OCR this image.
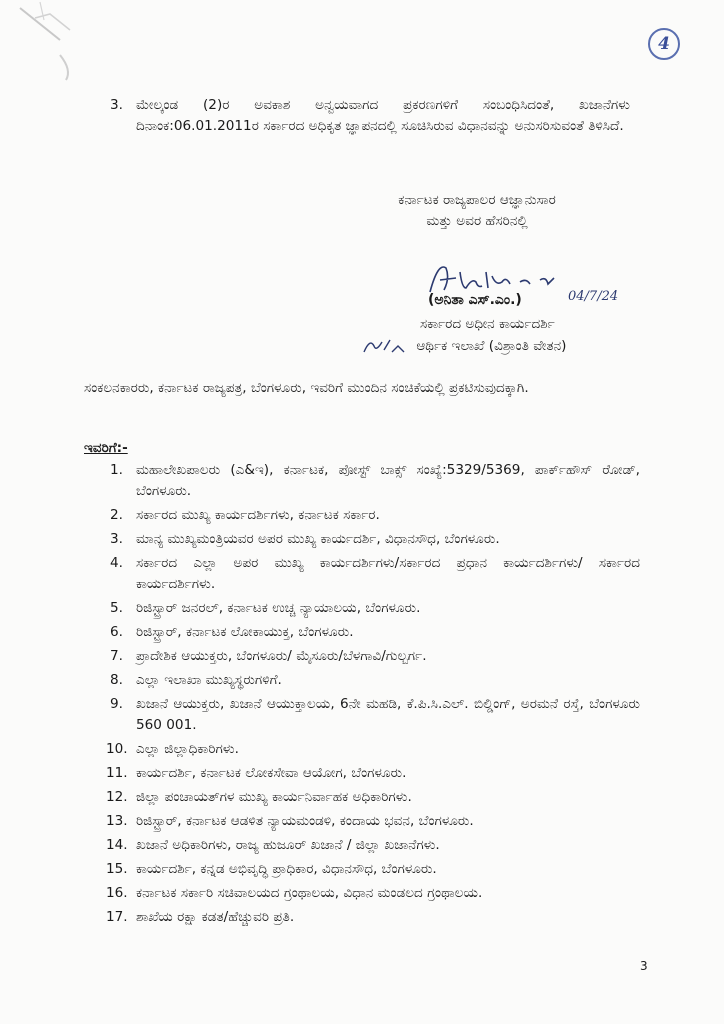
4
3. ಮೇಲ್ಕಂಡ (2)ರ ಅವಕಾಶ ಅನ್ವಯವಾಗದ ಪ್ರಕರಣಗಳಿಗೆ ಸಂಬಂಧಿಸಿದಂತೆ, ಖಜಾನೆಗಳು ದಿನಾಂಕ:06.01.2011ರ ಸರ್ಕಾರದ ಅಧಿಕೃತ ಜ್ಞಾಪನದಲ್ಲಿ ಸೂಚಿಸಿರುವ ವಿಧಾನವನ್ನು ಅನುಸರಿಸುವಂತೆ ತಿಳಿಸಿದೆ.
ಕರ್ನಾಟಕ ರಾಜ್ಯಪಾಲರ ಆಜ್ಞಾನುಸಾರ
ಮತ್ತು ಅವರ ಹೆಸರಿನಲ್ಲಿ
(ಅನಿತಾ ಎಸ್.ಎಂ.)	04/7/24
ಸರ್ಕಾರದ ಅಧೀನ ಕಾರ್ಯದರ್ಶಿ
ಆರ್ಥಿಕ ಇಲಾಖೆ (ವಿಶ್ರಾಂತಿ ವೇತನ)
ಸಂಕಲನಕಾರರು, ಕರ್ನಾಟಕ ರಾಜ್ಯಪತ್ರ, ಬೆಂಗಳೂರು, ಇವರಿಗೆ ಮುಂದಿನ ಸಂಚಿಕೆಯಲ್ಲಿ ಪ್ರಕಟಿಸುವುದಕ್ಕಾಗಿ.
ಇವರಿಗೆ:-
1. ಮಹಾಲೇಖಪಾಲರು (ಎ&ಇ), ಕರ್ನಾಟಕ, ಪೋಸ್ಟ್ ಬಾಕ್ಸ್ ಸಂಖ್ಯೆ:5329/5369, ಪಾರ್ಕ್‌ಹೌಸ್ ರೋಡ್, ಬೆಂಗಳೂರು.
2. ಸರ್ಕಾರದ ಮುಖ್ಯ ಕಾರ್ಯದರ್ಶಿಗಳು, ಕರ್ನಾಟಕ ಸರ್ಕಾರ.
3. ಮಾನ್ಯ ಮುಖ್ಯಮಂತ್ರಿಯವರ ಅಪರ ಮುಖ್ಯ ಕಾರ್ಯದರ್ಶಿ, ವಿಧಾನಸೌಧ, ಬೆಂಗಳೂರು.
4. ಸರ್ಕಾರದ ಎಲ್ಲಾ ಅಪರ ಮುಖ್ಯ ಕಾರ್ಯದರ್ಶಿಗಳು/ಸರ್ಕಾರದ ಪ್ರಧಾನ ಕಾರ್ಯದರ್ಶಿಗಳು/ ಸರ್ಕಾರದ ಕಾರ್ಯದರ್ಶಿಗಳು.
5. ರಿಜಿಸ್ಟ್ರಾರ್ ಜನರಲ್, ಕರ್ನಾಟಕ ಉಚ್ಚ ನ್ಯಾಯಾಲಯ, ಬೆಂಗಳೂರು.
6. ರಿಜಿಸ್ಟ್ರಾರ್, ಕರ್ನಾಟಕ ಲೋಕಾಯುಕ್ತ, ಬೆಂಗಳೂರು.
7. ಪ್ರಾದೇಶಿಕ ಆಯುಕ್ತರು, ಬೆಂಗಳೂರು/ ಮೈಸೂರು/ಬೆಳಗಾವಿ/ಗುಲ್ಬರ್ಗ.
8. ಎಲ್ಲಾ ಇಲಾಖಾ ಮುಖ್ಯಸ್ಥರುಗಳಿಗೆ.
9. ಖಜಾನೆ ಆಯುಕ್ತರು, ಖಜಾನೆ ಆಯುಕ್ತಾಲಯ, 6ನೇ ಮಹಡಿ, ಕೆ.ಪಿ.ಸಿ.ಎಲ್. ಬಿಲ್ಡಿಂಗ್, ಅರಮನೆ ರಸ್ತೆ, ಬೆಂಗಳೂರು 560 001.
10. ಎಲ್ಲಾ ಜಿಲ್ಲಾಧಿಕಾರಿಗಳು.
11. ಕಾರ್ಯದರ್ಶಿ, ಕರ್ನಾಟಕ ಲೋಕಸೇವಾ ಆಯೋಗ, ಬೆಂಗಳೂರು.
12. ಜಿಲ್ಲಾ ಪಂಚಾಯತ್‌ಗಳ ಮುಖ್ಯ ಕಾರ್ಯನಿರ್ವಾಹಕ ಅಧಿಕಾರಿಗಳು.
13. ರಿಜಿಸ್ಟ್ರಾರ್, ಕರ್ನಾಟಕ ಆಡಳಿತ ನ್ಯಾಯಮಂಡಳಿ, ಕಂದಾಯ ಭವನ, ಬೆಂಗಳೂರು.
14. ಖಜಾನೆ ಅಧಿಕಾರಿಗಳು, ರಾಜ್ಯ ಹುಜೂರ್ ಖಜಾನೆ / ಜಿಲ್ಲಾ ಖಜಾನೆಗಳು.
15. ಕಾರ್ಯದರ್ಶಿ, ಕನ್ನಡ ಅಭಿವೃದ್ಧಿ ಪ್ರಾಧಿಕಾರ, ವಿಧಾನಸೌಧ, ಬೆಂಗಳೂರು.
16. ಕರ್ನಾಟಕ ಸರ್ಕಾರಿ ಸಚಿವಾಲಯದ ಗ್ರಂಥಾಲಯ, ವಿಧಾನ ಮಂಡಲದ ಗ್ರಂಥಾಲಯ.
17. ಶಾಖೆಯ ರಕ್ಷಾ ಕಡತ/ಹೆಚ್ಚುವರಿ ಪ್ರತಿ.
3
